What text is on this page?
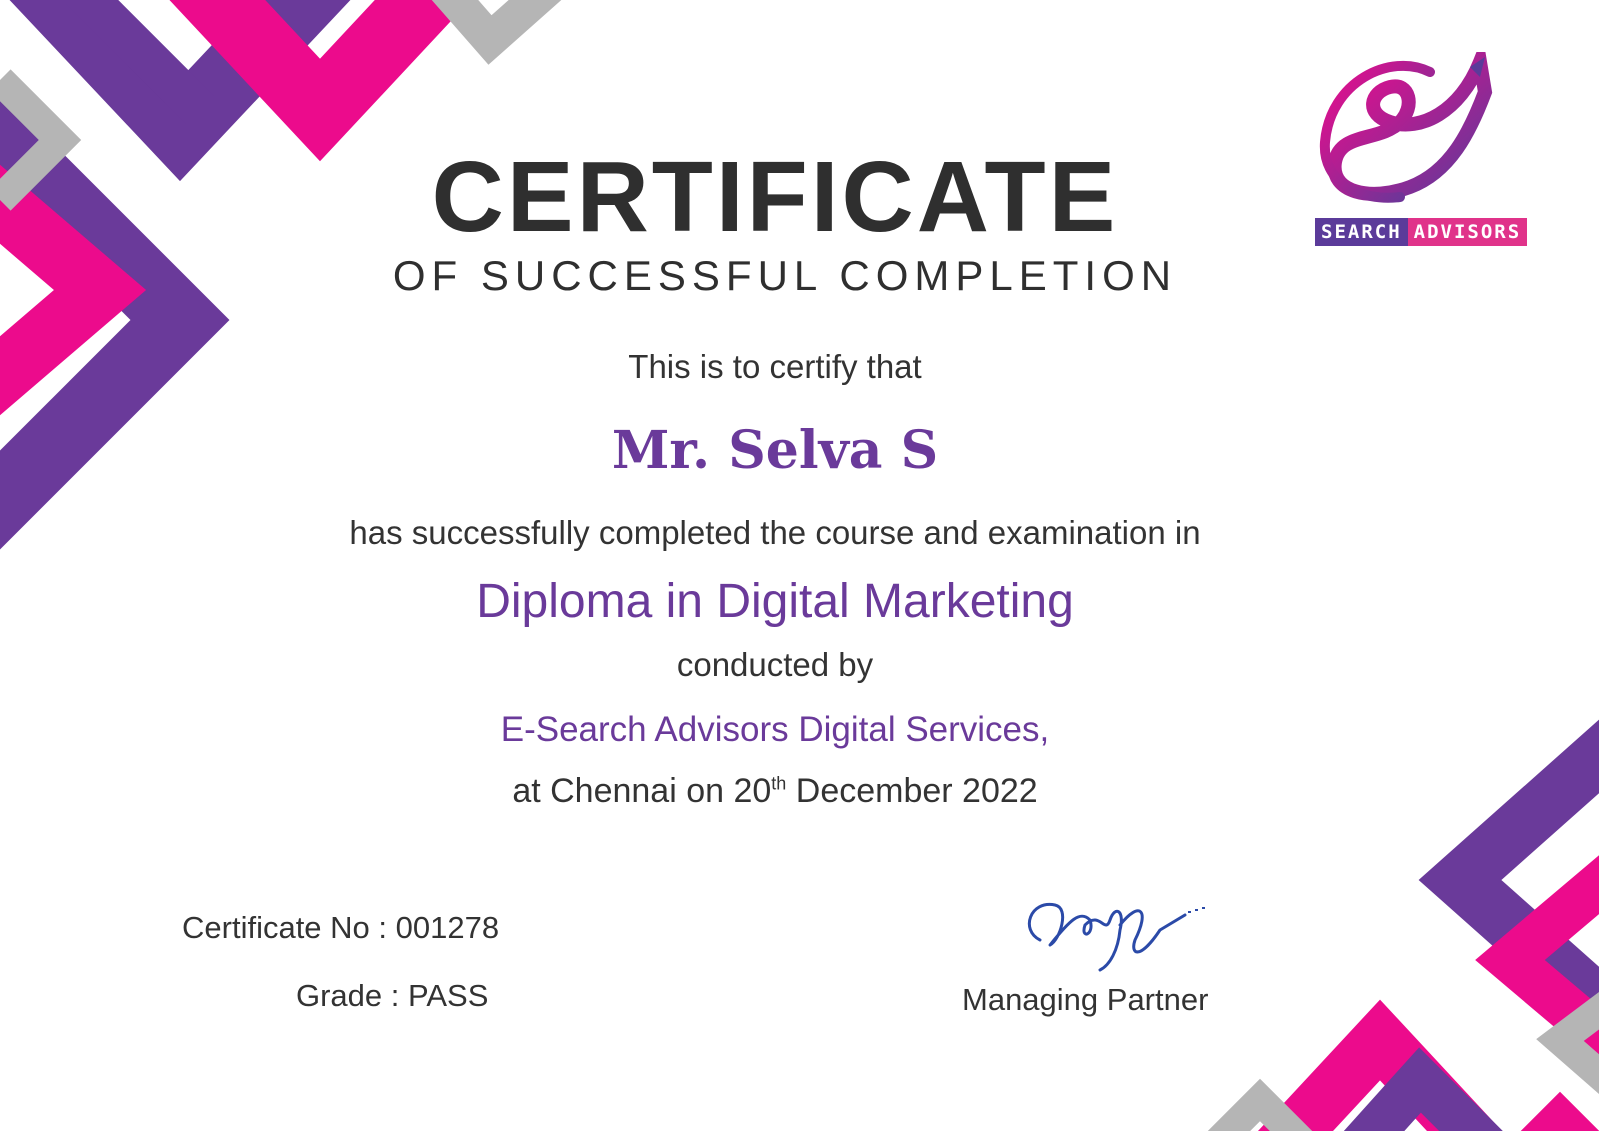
SEARCH ADVISORS
CERTIFICATE
OF SUCCESSFUL COMPLETION
This is to certify that
Mr. Selva S
has successfully completed the course and examination in
Diploma in Digital Marketing
conducted by
E-Search Advisors Digital Services,
at Chennai on 20th December 2022
Certificate No : 001278
Grade : PASS	Managing Partner
